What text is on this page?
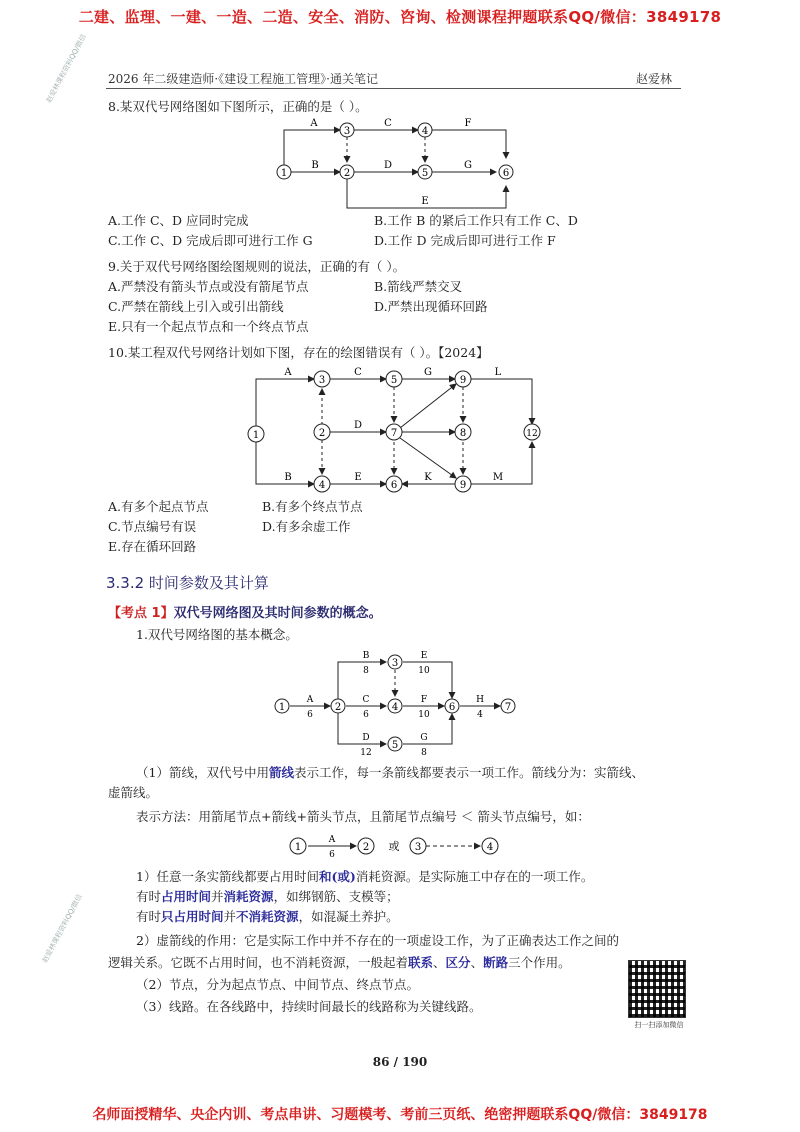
二建、监理、一建、一造、二造、安全、消防、咨询、检测课程押题联系QQ/微信：3849178
赵爱林课程资料QQ/微信 2026 年二级建造师·《建设工程施工管理》·通关笔记	赵爱林
8.某双代号网络图如下图所示，正确的是（ ）。
1	2
3	4
5	6
A	C	F
B	D	G
E
A.工作 C、D 应同时完成	B.工作 B 的紧后工作只有工作 C、D
C.工作 C、D 完成后即可进行工作 G	D.工作 D 完成后即可进行工作 F
9.关于双代号网络图绘图规则的说法，正确的有（ ）。
A.严禁没有箭头节点或没有箭尾节点	B.箭线严禁交叉
C.严禁在箭线上引入或引出箭线	D.严禁出现循环回路
E.只有一个起点节点和一个终点节点
10.某工程双代号网络计划如下图，存在的绘图错误有（ ）。【2024】
1	2
3
4
5
6
7	8
9
9
12
A	C	G	L
D
B	E	K	M
A.有多个起点节点	B.有多个终点节点
C.节点编号有误	D.有多余虚工作
E.存在循环回路
3.3.2 时间参数及其计算
【考点 1】双代号网络图及其时间参数的概念。
1.双代号网络图的基本概念。
1	2
3
4
5
6	7
A
6
B
8
E
10
C
6
F
10
H
4
D
12
G
8
（1）箭线，双代号中用箭线表示工作，每一条箭线都要表示一项工作。箭线分为：实箭线、
虚箭线。
表示方法：用箭尾节点+箭线+箭头节点，且箭尾节点编号 ＜ 箭头节点编号，如：
1	2
A
6
或 3	4
1）任意一条实箭线都要占用时间和(或)消耗资源。是实际施工中存在的一项工作。
有时占用时间并消耗资源，如绑钢筋、支模等；
有时只占用时间并不消耗资源，如混凝土养护。
2）虚箭线的作用：它是实际工作中并不存在的一项虚设工作，为了正确表达工作之间的
逻辑关系。它既不占用时间，也不消耗资源，一般起着联系、区分、断路三个作用。
（2）节点，分为起点节点、中间节点、终点节点。
（3）线路。在各线路中，持续时间最长的线路称为关键线路。
赵爱林课程资料QQ/微信
扫一扫添加微信
86 / 190
名师面授精华、央企内训、考点串讲、习题模考、考前三页纸、绝密押题联系QQ/微信：3849178
